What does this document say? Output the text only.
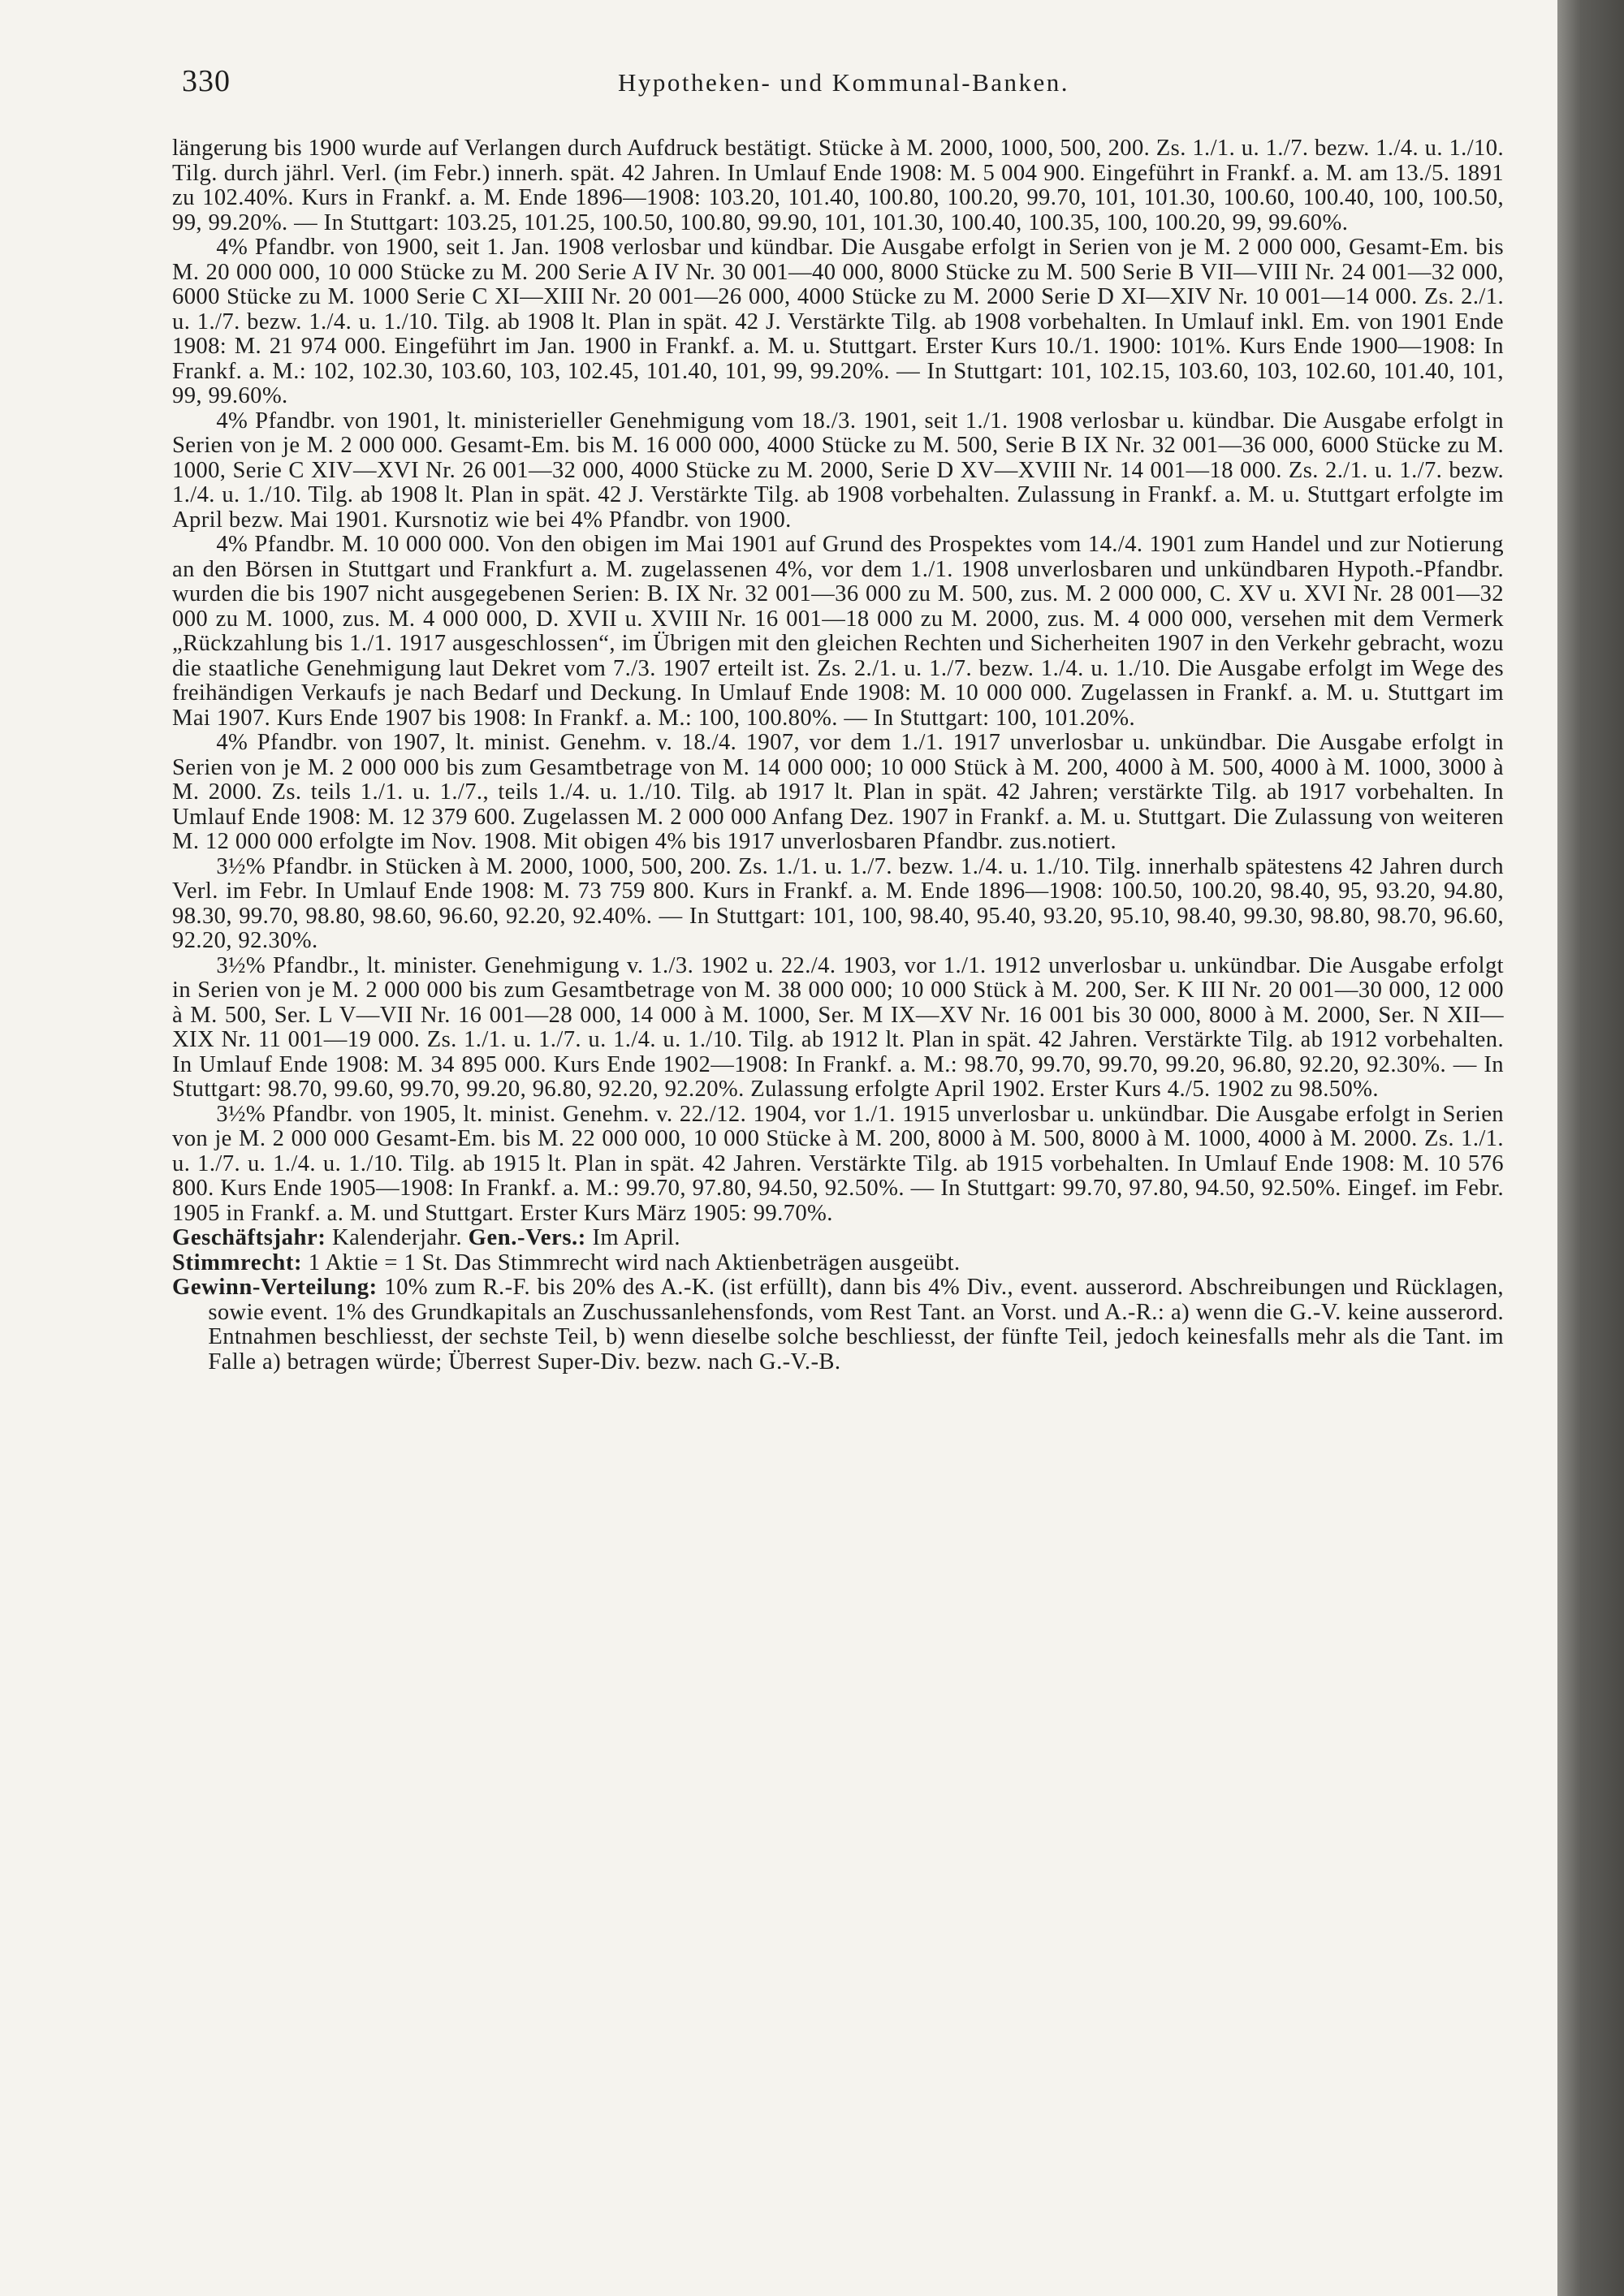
330	Hypotheken- und Kommunal-Banken.

längerung bis 1900 wurde auf Verlangen durch Aufdruck bestätigt. Stücke à M. 2000, 1000, 500, 200. Zs. 1./1. u. 1./7. bezw. 1./4. u. 1./10. Tilg. durch jährl. Verl. (im Febr.) innerh. spät. 42 Jahren. In Umlauf Ende 1908: M. 5 004 900. Eingeführt in Frankf. a. M. am 13./5. 1891 zu 102.40%. Kurs in Frankf. a. M. Ende 1896—1908: 103.20, 101.40, 100.80, 100.20, 99.70, 101, 101.30, 100.60, 100.40, 100, 100.50, 99, 99.20%. — In Stuttgart: 103.25, 101.25, 100.50, 100.80, 99.90, 101, 101.30, 100.40, 100.35, 100, 100.20, 99, 99.60%.

4% Pfandbr. von 1900, seit 1. Jan. 1908 verlosbar und kündbar. Die Ausgabe erfolgt in Serien von je M. 2 000 000, Gesamt-Em. bis M. 20 000 000, 10 000 Stücke zu M. 200 Serie A IV Nr. 30 001—40 000, 8000 Stücke zu M. 500 Serie B VII—VIII Nr. 24 001—32 000, 6000 Stücke zu M. 1000 Serie C XI—XIII Nr. 20 001—26 000, 4000 Stücke zu M. 2000 Serie D XI—XIV Nr. 10 001—14 000. Zs. 2./1. u. 1./7. bezw. 1./4. u. 1./10. Tilg. ab 1908 lt. Plan in spät. 42 J. Verstärkte Tilg. ab 1908 vorbehalten. In Umlauf inkl. Em. von 1901 Ende 1908: M. 21 974 000. Eingeführt im Jan. 1900 in Frankf. a. M. u. Stuttgart. Erster Kurs 10./1. 1900: 101%. Kurs Ende 1900—1908: In Frankf. a. M.: 102, 102.30, 103.60, 103, 102.45, 101.40, 101, 99, 99.20%. — In Stuttgart: 101, 102.15, 103.60, 103, 102.60, 101.40, 101, 99, 99.60%.

4% Pfandbr. von 1901, lt. ministerieller Genehmigung vom 18./3. 1901, seit 1./1. 1908 verlosbar u. kündbar. Die Ausgabe erfolgt in Serien von je M. 2 000 000. Gesamt-Em. bis M. 16 000 000, 4000 Stücke zu M. 500, Serie B IX Nr. 32 001—36 000, 6000 Stücke zu M. 1000, Serie C XIV—XVI Nr. 26 001—32 000, 4000 Stücke zu M. 2000, Serie D XV—XVIII Nr. 14 001—18 000. Zs. 2./1. u. 1./7. bezw. 1./4. u. 1./10. Tilg. ab 1908 lt. Plan in spät. 42 J. Verstärkte Tilg. ab 1908 vorbehalten. Zulassung in Frankf. a. M. u. Stuttgart erfolgte im April bezw. Mai 1901. Kursnotiz wie bei 4% Pfandbr. von 1900.

4% Pfandbr. M. 10 000 000. Von den obigen im Mai 1901 auf Grund des Prospektes vom 14./4. 1901 zum Handel und zur Notierung an den Börsen in Stuttgart und Frankfurt a. M. zugelassenen 4%, vor dem 1./1. 1908 unverlosbaren und unkündbaren Hypoth.-Pfandbr. wurden die bis 1907 nicht ausgegebenen Serien: B. IX Nr. 32 001—36 000 zu M. 500, zus. M. 2 000 000, C. XV u. XVI Nr. 28 001—32 000 zu M. 1000, zus. M. 4 000 000, D. XVII u. XVIII Nr. 16 001—18 000 zu M. 2000, zus. M. 4 000 000, versehen mit dem Vermerk „Rückzahlung bis 1./1. 1917 ausgeschlossen“, im Übrigen mit den gleichen Rechten und Sicherheiten 1907 in den Verkehr gebracht, wozu die staatliche Genehmigung laut Dekret vom 7./3. 1907 erteilt ist. Zs. 2./1. u. 1./7. bezw. 1./4. u. 1./10. Die Ausgabe erfolgt im Wege des freihändigen Verkaufs je nach Bedarf und Deckung. In Umlauf Ende 1908: M. 10 000 000. Zugelassen in Frankf. a. M. u. Stuttgart im Mai 1907. Kurs Ende 1907 bis 1908: In Frankf. a. M.: 100, 100.80%. — In Stuttgart: 100, 101.20%.

4% Pfandbr. von 1907, lt. minist. Genehm. v. 18./4. 1907, vor dem 1./1. 1917 unverlosbar u. unkündbar. Die Ausgabe erfolgt in Serien von je M. 2 000 000 bis zum Gesamtbetrage von M. 14 000 000; 10 000 Stück à M. 200, 4000 à M. 500, 4000 à M. 1000, 3000 à M. 2000. Zs. teils 1./1. u. 1./7., teils 1./4. u. 1./10. Tilg. ab 1917 lt. Plan in spät. 42 Jahren; verstärkte Tilg. ab 1917 vorbehalten. In Umlauf Ende 1908: M. 12 379 600. Zugelassen M. 2 000 000 Anfang Dez. 1907 in Frankf. a. M. u. Stuttgart. Die Zulassung von weiteren M. 12 000 000 erfolgte im Nov. 1908. Mit obigen 4% bis 1917 unverlosbaren Pfandbr. zus.notiert.

3½% Pfandbr. in Stücken à M. 2000, 1000, 500, 200. Zs. 1./1. u. 1./7. bezw. 1./4. u. 1./10. Tilg. innerhalb spätestens 42 Jahren durch Verl. im Febr. In Umlauf Ende 1908: M. 73 759 800. Kurs in Frankf. a. M. Ende 1896—1908: 100.50, 100.20, 98.40, 95, 93.20, 94.80, 98.30, 99.70, 98.80, 98.60, 96.60, 92.20, 92.40%. — In Stuttgart: 101, 100, 98.40, 95.40, 93.20, 95.10, 98.40, 99.30, 98.80, 98.70, 96.60, 92.20, 92.30%.

3½% Pfandbr., lt. minister. Genehmigung v. 1./3. 1902 u. 22./4. 1903, vor 1./1. 1912 unverlosbar u. unkündbar. Die Ausgabe erfolgt in Serien von je M. 2 000 000 bis zum Gesamtbetrage von M. 38 000 000; 10 000 Stück à M. 200, Ser. K III Nr. 20 001—30 000, 12 000 à M. 500, Ser. L V—VII Nr. 16 001—28 000, 14 000 à M. 1000, Ser. M IX—XV Nr. 16 001 bis 30 000, 8000 à M. 2000, Ser. N XII—XIX Nr. 11 001—19 000. Zs. 1./1. u. 1./7. u. 1./4. u. 1./10. Tilg. ab 1912 lt. Plan in spät. 42 Jahren. Verstärkte Tilg. ab 1912 vorbehalten. In Umlauf Ende 1908: M. 34 895 000. Kurs Ende 1902—1908: In Frankf. a. M.: 98.70, 99.70, 99.70, 99.20, 96.80, 92.20, 92.30%. — In Stuttgart: 98.70, 99.60, 99.70, 99.20, 96.80, 92.20, 92.20%. Zulassung erfolgte April 1902. Erster Kurs 4./5. 1902 zu 98.50%.

3½% Pfandbr. von 1905, lt. minist. Genehm. v. 22./12. 1904, vor 1./1. 1915 unverlosbar u. unkündbar. Die Ausgabe erfolgt in Serien von je M. 2 000 000 Gesamt-Em. bis M. 22 000 000, 10 000 Stücke à M. 200, 8000 à M. 500, 8000 à M. 1000, 4000 à M. 2000. Zs. 1./1. u. 1./7. u. 1./4. u. 1./10. Tilg. ab 1915 lt. Plan in spät. 42 Jahren. Verstärkte Tilg. ab 1915 vorbehalten. In Umlauf Ende 1908: M. 10 576 800. Kurs Ende 1905—1908: In Frankf. a. M.: 99.70, 97.80, 94.50, 92.50%. — In Stuttgart: 99.70, 97.80, 94.50, 92.50%. Eingef. im Febr. 1905 in Frankf. a. M. und Stuttgart. Erster Kurs März 1905: 99.70%.

Geschäftsjahr: Kalenderjahr. Gen.-Vers.: Im April.

Stimmrecht: 1 Aktie = 1 St. Das Stimmrecht wird nach Aktienbeträgen ausgeübt.

Gewinn-Verteilung: 10% zum R.-F. bis 20% des A.-K. (ist erfüllt), dann bis 4% Div., event. ausserord. Abschreibungen und Rücklagen, sowie event. 1% des Grundkapitals an Zuschussanlehensfonds, vom Rest Tant. an Vorst. und A.-R.: a) wenn die G.-V. keine ausserord. Entnahmen beschliesst, der sechste Teil, b) wenn dieselbe solche beschliesst, der fünfte Teil, jedoch keinesfalls mehr als die Tant. im Falle a) betragen würde; Überrest Super-Div. bezw. nach G.-V.-B.
